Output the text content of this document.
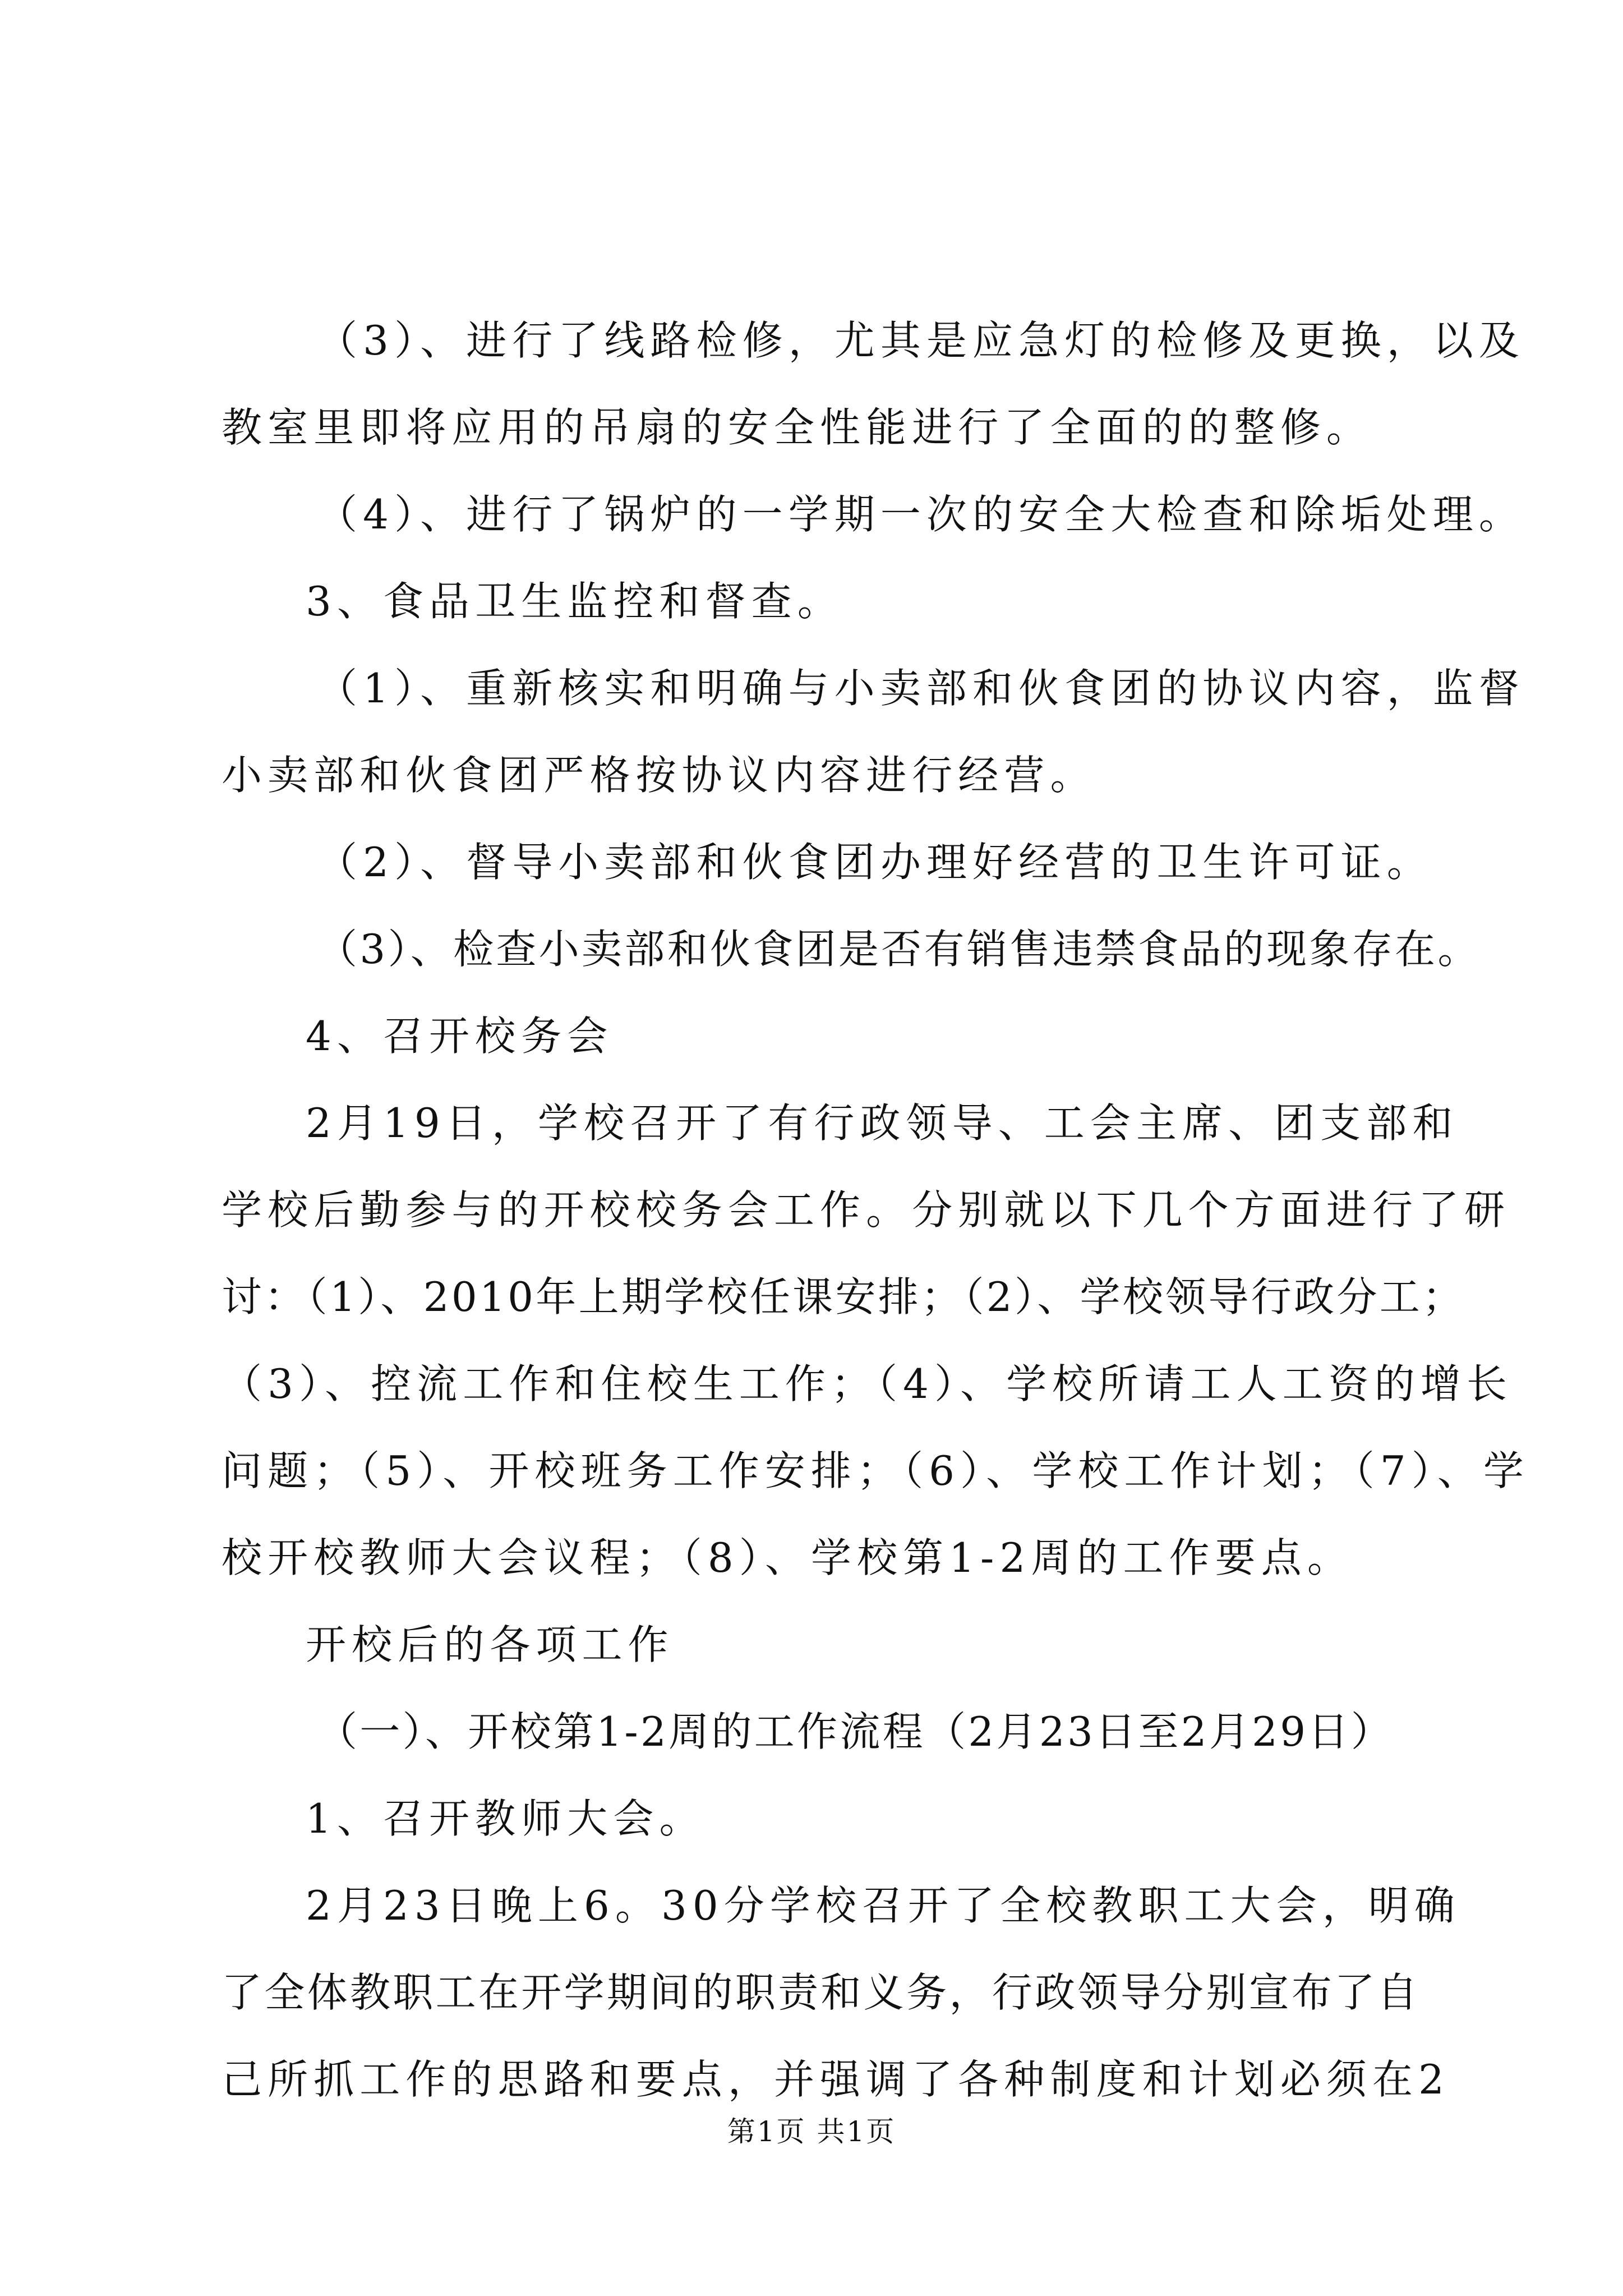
（3）、进行了线路检修，尤其是应急灯的检修及更换，以及
教室里即将应用的吊扇的安全性能进行了全面的的整修。
（4）、进行了锅炉的一学期一次的安全大检查和除垢处理。
3、食品卫生监控和督查。
（1）、重新核实和明确与小卖部和伙食团的协议内容，监督
小卖部和伙食团严格按协议内容进行经营。
（2）、督导小卖部和伙食团办理好经营的卫生许可证。
（3）、检查小卖部和伙食团是否有销售违禁食品的现象存在。
4、召开校务会
2月19日，学校召开了有行政领导、工会主席、团支部和
学校后勤参与的开校校务会工作。分别就以下几个方面进行了研
讨：（1）、2010年上期学校任课安排；（2）、学校领导行政分工；
（3）、控流工作和住校生工作；（4）、学校所请工人工资的增长
问题；（5）、开校班务工作安排；（6）、学校工作计划；（7）、学
校开校教师大会议程；（8）、学校第1-2周的工作要点。
开校后的各项工作
（一）、开校第1-2周的工作流程（2月23日至2月29日）
1、召开教师大会。
2月23日晚上6。30分学校召开了全校教职工大会，明确
了全体教职工在开学期间的职责和义务，行政领导分别宣布了自
己所抓工作的思路和要点，并强调了各种制度和计划必须在2
第1页 共1页
